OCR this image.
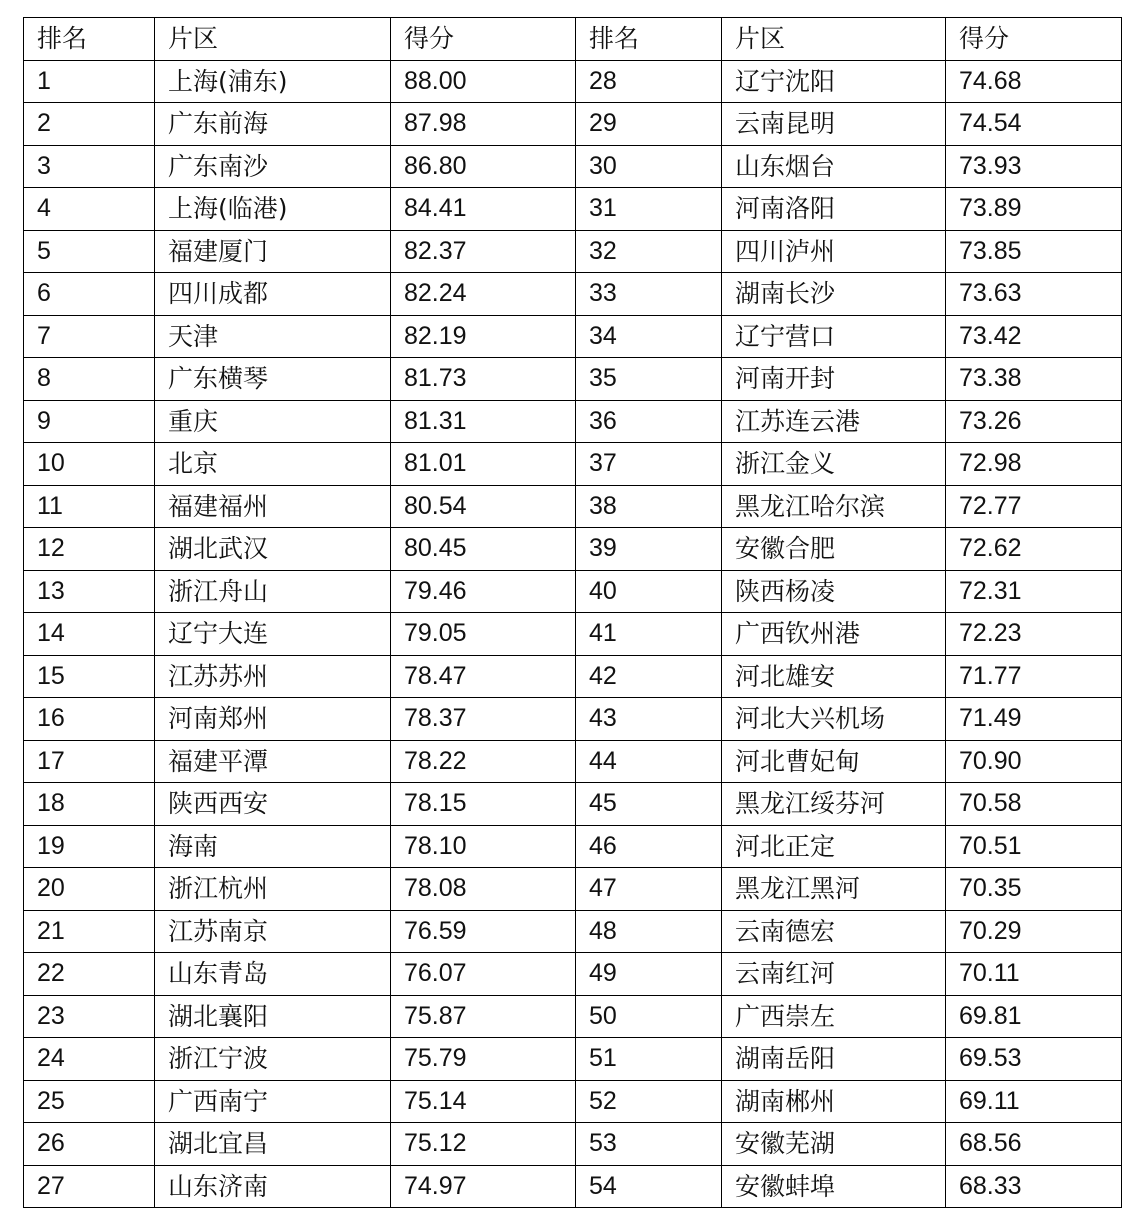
排名	片区	得分	排名	片区	得分
1	上海(浦东)	88.00	28	辽宁沈阳	74.68
2	广东前海	87.98	29	云南昆明	74.54
3	广东南沙	86.80	30	山东烟台	73.93
4	上海(临港)	84.41	31	河南洛阳	73.89
5	福建厦门	82.37	32	四川泸州	73.85
6	四川成都	82.24	33	湖南长沙	73.63
7	天津	82.19	34	辽宁营口	73.42
8	广东横琴	81.73	35	河南开封	73.38
9	重庆	81.31	36	江苏连云港	73.26
10	北京	81.01	37	浙江金义	72.98
11	福建福州	80.54	38	黑龙江哈尔滨	72.77
12	湖北武汉	80.45	39	安徽合肥	72.62
13	浙江舟山	79.46	40	陕西杨凌	72.31
14	辽宁大连	79.05	41	广西钦州港	72.23
15	江苏苏州	78.47	42	河北雄安	71.77
16	河南郑州	78.37	43	河北大兴机场	71.49
17	福建平潭	78.22	44	河北曹妃甸	70.90
18	陕西西安	78.15	45	黑龙江绥芬河	70.58
19	海南	78.10	46	河北正定	70.51
20	浙江杭州	78.08	47	黑龙江黑河	70.35
21	江苏南京	76.59	48	云南德宏	70.29
22	山东青岛	76.07	49	云南红河	70.11
23	湖北襄阳	75.87	50	广西崇左	69.81
24	浙江宁波	75.79	51	湖南岳阳	69.53
25	广西南宁	75.14	52	湖南郴州	69.11
26	湖北宜昌	75.12	53	安徽芜湖	68.56
27	山东济南	74.97	54	安徽蚌埠	68.33
